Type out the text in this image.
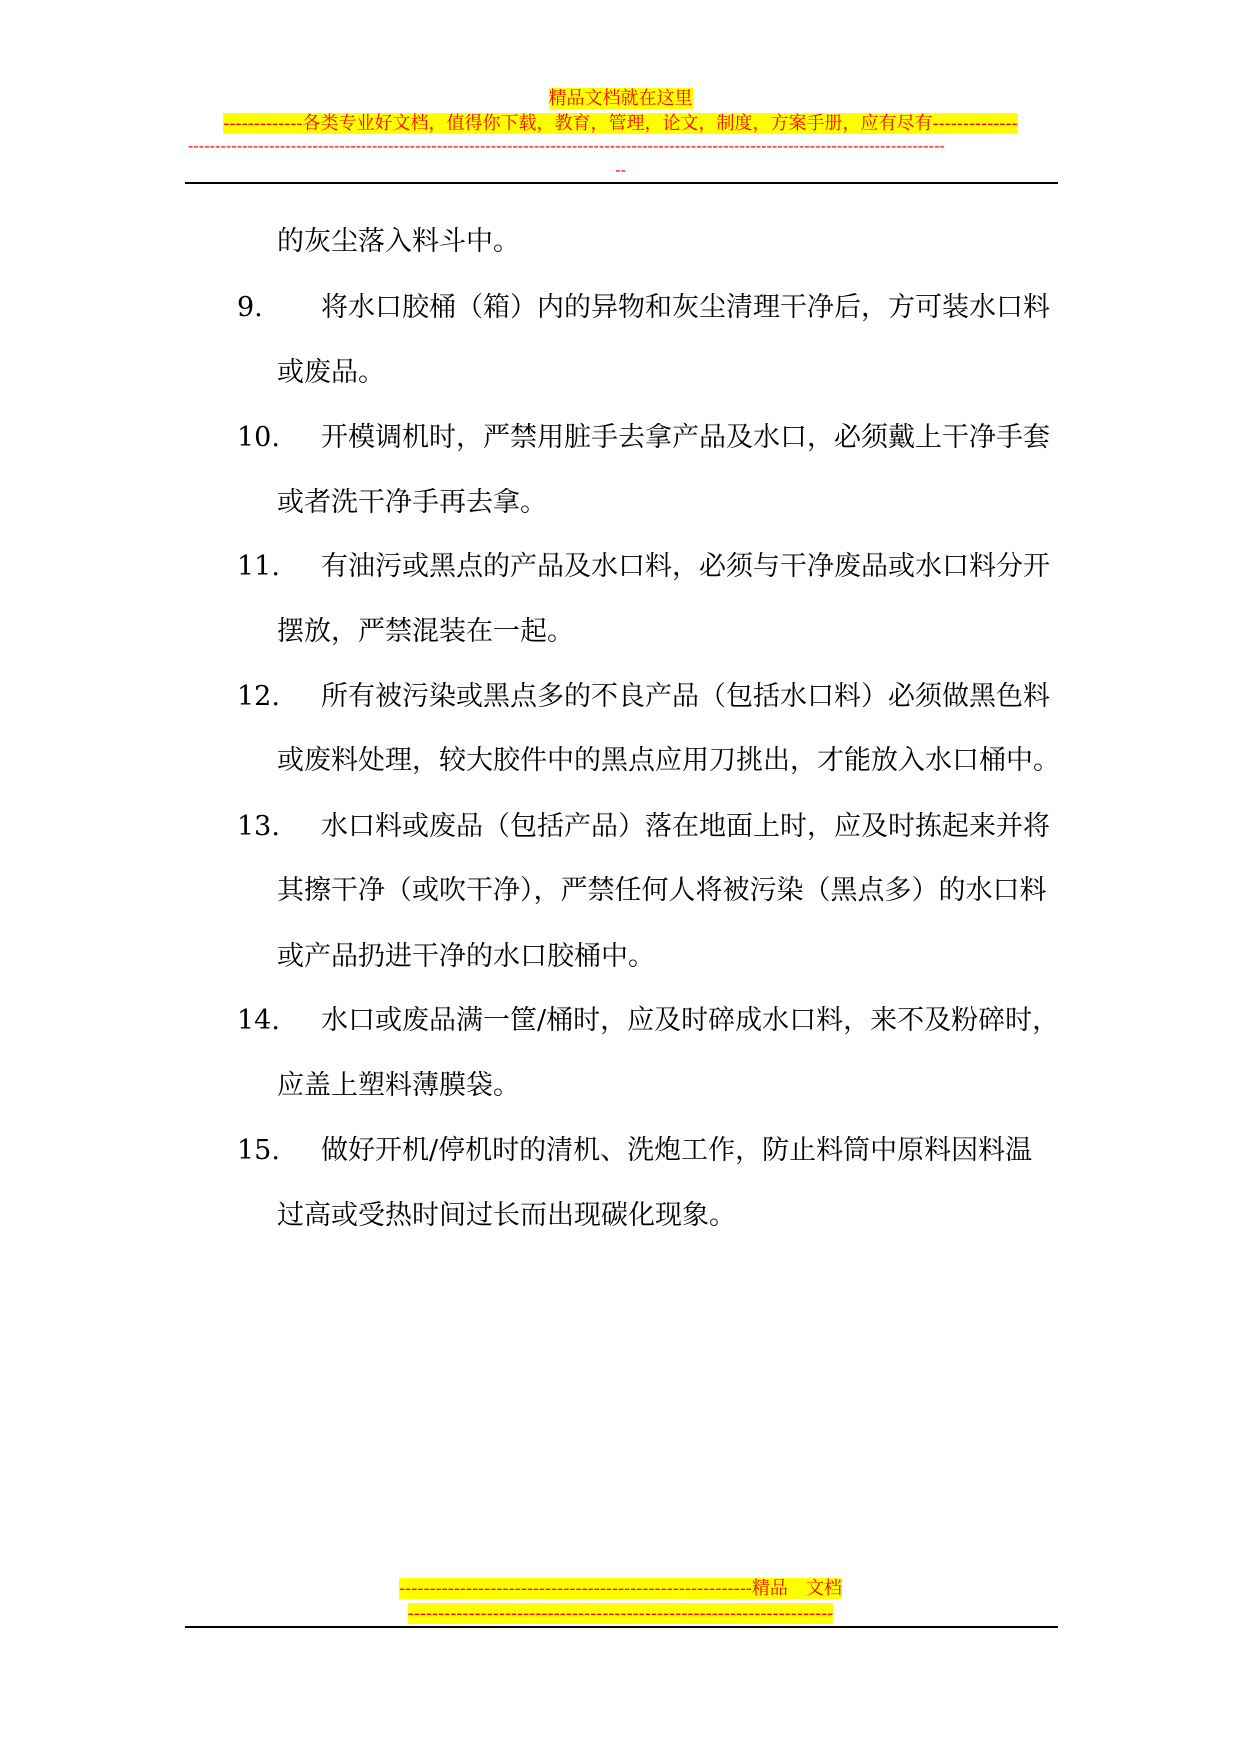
精品文档就在这里
-------------各类专业好文档，值得你下载，教育，管理，论文，制度，方案手册，应有尽有--------------
--------------------------------------------------------------------------------------------------------------------------------------------
--
的灰尘落入料斗中。
9. 将水口胶桶（箱）内的异物和灰尘清理干净后，方可装水口料
或废品。
10. 开模调机时，严禁用脏手去拿产品及水口，必须戴上干净手套
或者洗干净手再去拿。
11. 有油污或黑点的产品及水口料，必须与干净废品或水口料分开
摆放，严禁混装在一起。
12. 所有被污染或黑点多的不良产品（包括水口料）必须做黑色料
或废料处理，较大胶件中的黑点应用刀挑出，才能放入水口桶中。
13. 水口料或废品（包括产品）落在地面上时，应及时拣起来并将
其擦干净（或吹干净），严禁任何人将被污染（黑点多）的水口料
或产品扔进干净的水口胶桶中。
14. 水口或废品满一筐/桶时，应及时碎成水口料，来不及粉碎时，
应盖上塑料薄膜袋。
15. 做好开机/停机时的清机、洗炮工作，防止料筒中原料因料温
过高或受热时间过长而出现碳化现象。
----------------------------------------------------------精品　文档
----------------------------------------------------------------------
